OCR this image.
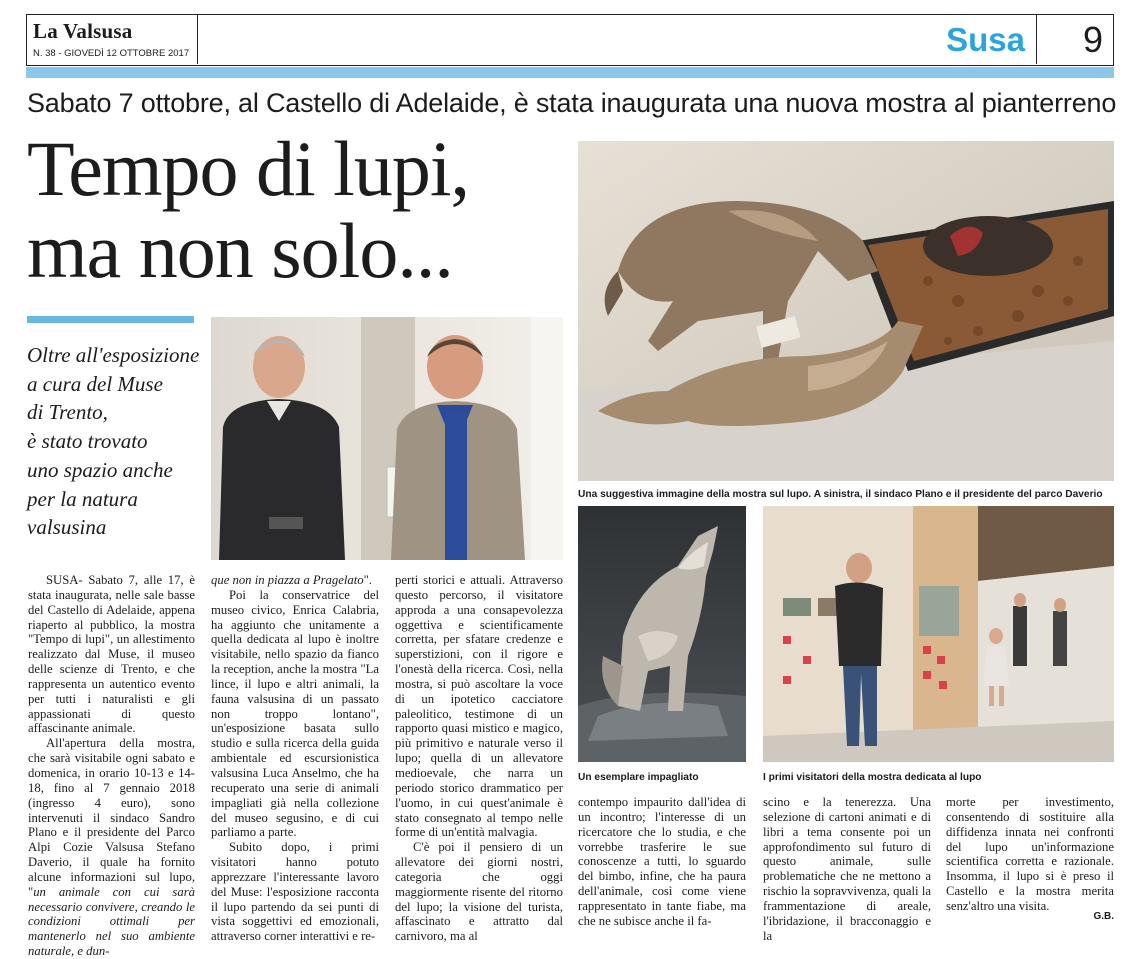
La Valsusa
N. 38 - GIOVEDÌ 12 OTTOBRE 2017	Susa 9
Sabato 7 ottobre, al Castello di Adelaide, è stata inaugurata una nuova mostra al pianterreno
Tempo di lupi,
ma non solo...
Oltre all'esposizione
a cura del Muse
di Trento,
è stato trovato
uno spazio anche
per la natura
valsusina
Una suggestiva immagine della mostra sul lupo. A sinistra, il sindaco Plano e il presidente del parco Daverio
Un esemplare impagliato	I primi visitatori della mostra dedicata al lupo

SUSA- Sabato 7, alle 17, è stata inaugurata, nelle sale basse del Castello di Adelaide, appena riaperto al pubblico, la mostra "Tempo di lupi", un allestimento realizzato dal Muse, il museo delle scienze di Trento, e che rappresenta un autentico evento per tutti i naturalisti e gli appassionati di questo affascinante animale.

All'apertura della mostra, che sarà visitabile ogni sabato e domenica, in orario 10-13 e 14-18, fino al 7 gennaio 2018 (ingresso 4 euro), sono intervenuti il sindaco Sandro Plano e il presidente del Parco Alpi Cozie Valsusa Stefano Daverio, il quale ha fornito alcune informazioni sul lupo, "un animale con cui sarà necessario convivere, creando le condizioni ottimali per mantenerlo nel suo ambiente naturale, e dun-

que non in piazza a Pragelato".

Poi la conservatrice del museo civico, Enrica Calabria, ha aggiunto che unitamente a quella dedicata al lupo è inoltre visitabile, nello spazio da fianco la reception, anche la mostra "La lince, il lupo e altri animali, la fauna valsusina di un passato non troppo lontano", un'esposizione basata sullo studio e sulla ricerca della guida ambientale ed escursionistica valsusina Luca Anselmo, che ha recuperato una serie di animali impagliati già nella collezione del museo segusino, e di cui parliamo a parte.

Subito dopo, i primi visitatori hanno potuto apprezzare l'interessante lavoro del Muse: l'esposizione racconta il lupo partendo da sei punti di vista soggettivi ed emozionali, attraverso corner interattivi e re-

perti storici e attuali. Attraverso questo percorso, il visitatore approda a una consapevolezza oggettiva e scientificamente corretta, per sfatare credenze e superstizioni, con il rigore e l'onestà della ricerca. Così, nella mostra, si può ascoltare la voce di un ipotetico cacciatore paleolitico, testimone di un rapporto quasi mistico e magico, più primitivo e naturale verso il lupo; quella di un allevatore medioevale, che narra un periodo storico drammatico per l'uomo, in cui quest'animale è stato consegnato al tempo nelle forme di un'entità malvagia.

C'è poi il pensiero di un allevatore dei giorni nostri, categoria che oggi maggiormente risente del ritorno del lupo; la visione del turista, affascinato e attratto dal carnivoro, ma al

contempo impaurito dall'idea di un incontro; l'interesse di un ricercatore che lo studia, e che vorrebbe trasferire le sue conoscenze a tutti, lo sguardo del bimbo, infine, che ha paura dell'animale, così come viene rappresentato in tante fiabe, ma che ne subisce anche il fa-

scino e la tenerezza. Una selezione di cartoni animati e di libri a tema consente poi un approfondimento sul futuro di questo animale, sulle problematiche che ne mettono a rischio la sopravvivenza, quali la frammentazione di areale, l'ibridazione, il bracconaggio e la

morte per investimento, consentendo di sostituire alla diffidenza innata nei confronti del lupo un'informazione scientifica corretta e razionale. Insomma, il lupo si è preso il Castello e la mostra merita senz'altro una visita.

G.B.
